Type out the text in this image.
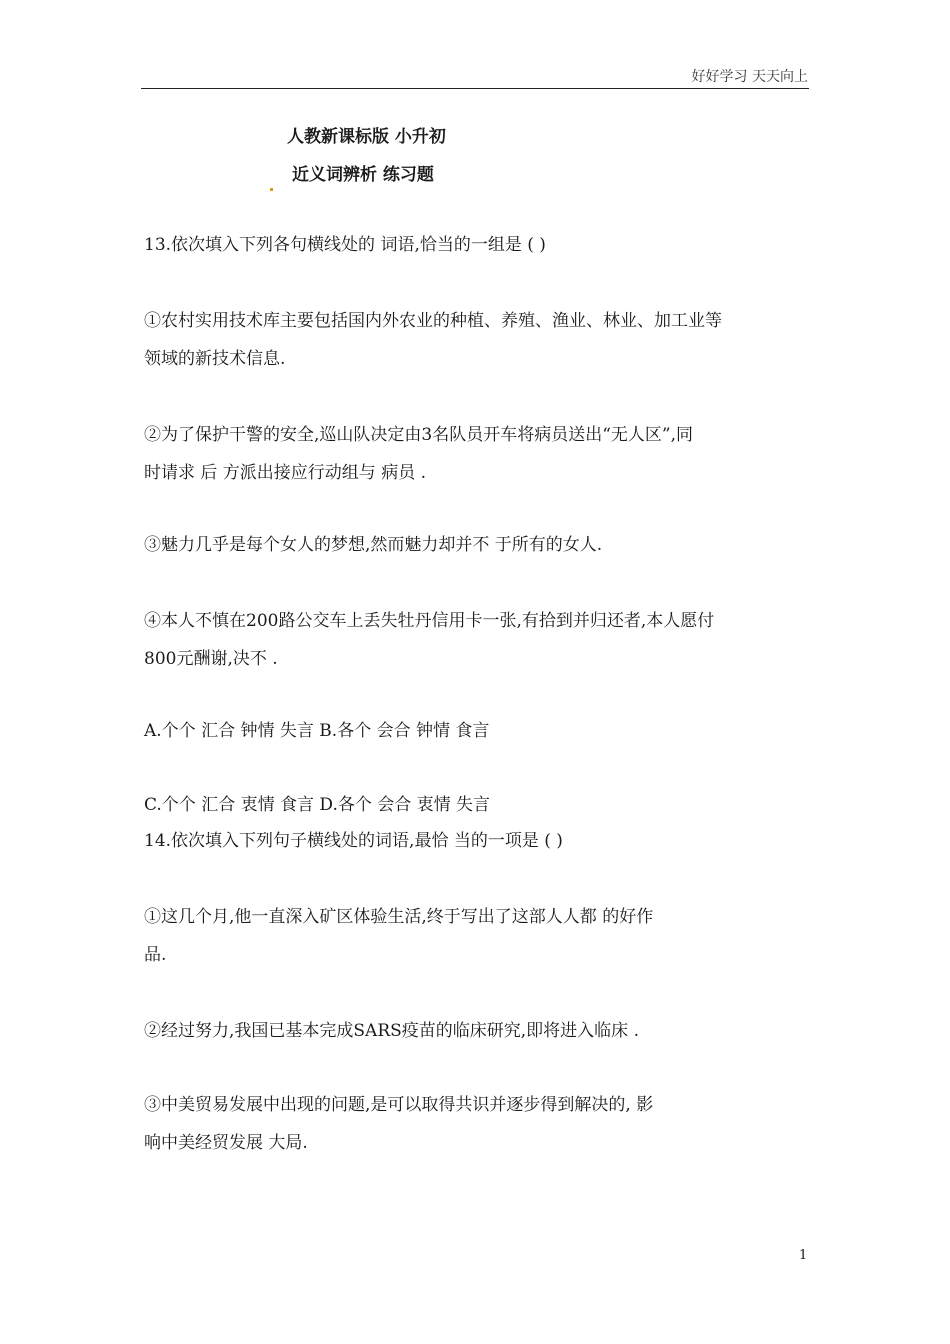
好好学习 天天向上
人教新课标版 小升初
近义词辨析 练习题
13.依次填入下列各句横线处的 词语,恰当的一组是 ( )
①农村实用技术库主要包括国内外农业的种植、养殖、渔业、林业、加工业等
领域的新技术信息.
②为了保护干警的安全,巡山队决定由3名队员开车将病员送出“无人区”,同
时请求 后 方派出接应行动组与 病员 .
③魅力几乎是每个女人的梦想,然而魅力却并不 于所有的女人.
④本人不慎在200路公交车上丢失牡丹信用卡一张,有拾到并归还者,本人愿付
800元酬谢,决不 .
A.个个 汇合 钟情 失言 B.各个 会合 钟情 食言
C.个个 汇合 衷情 食言 D.各个 会合 衷情 失言
14.依次填入下列句子横线处的词语,最恰 当的一项是 ( )
①这几个月,他一直深入矿区体验生活,终于写出了这部人人都 的好作
品.
②经过努力,我国已基本完成SARS疫苗的临床研究,即将进入临床 .
③中美贸易发展中出现的问题,是可以取得共识并逐步得到解决的, 影
响中美经贸发展 大局.
1
